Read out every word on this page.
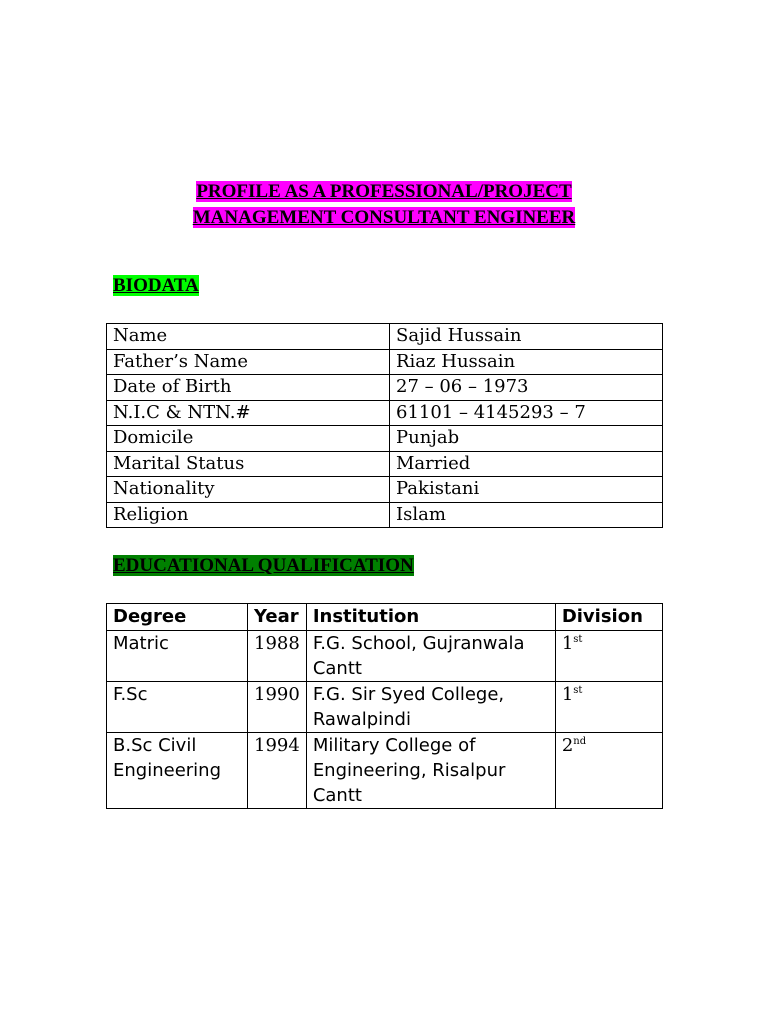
PROFILE AS A PROFESSIONAL/PROJECT
MANAGEMENT CONSULTANT ENGINEER
BIODATA
Name	Sajid Hussain
Father’s Name	Riaz Hussain
Date of Birth	27 – 06 – 1973
N.I.C & NTN.#	61101 – 4145293 – 7
Domicile	Punjab
Marital Status	Married
Nationality	Pakistani
Religion	Islam
EDUCATIONAL QUALIFICATION
Degree	Year	Institution	Division
Matric	1988	F.G. School, Gujranwala Cantt	1st
F.Sc	1990	F.G. Sir Syed College, Rawalpindi	1st
B.Sc Civil Engineering	1994	Military College of Engineering, Risalpur Cantt	2nd
